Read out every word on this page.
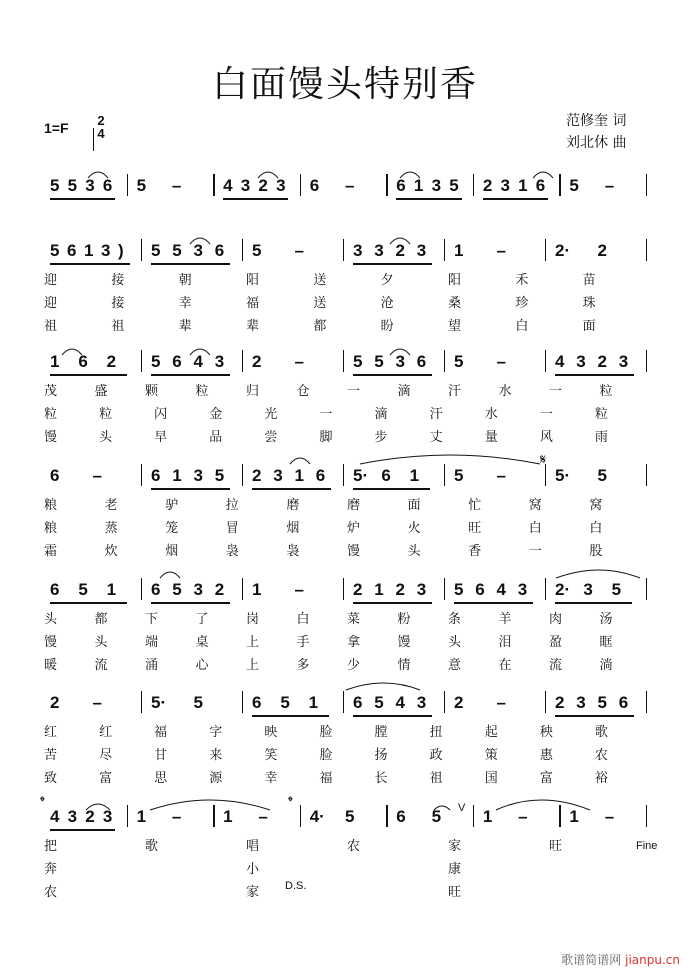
白面馒头特别香
1=F	2
4
范修奎 词
刘北休 曲
5 5 3 6 5 – 4 3 2 3 6 – 6 1 3 5 2 3 1 6 5 –
5 6 1 3 ) 5 5 3 6 5 –	3 3 2 3 1 –	2· 2
迎	接	朝	阳	送	夕	阳	禾	苗
迎	接	幸	福	送	沧	桑	珍	珠
祖	祖	辈	辈	都	盼	望	白	面
1 6 2 5 6 4 3 2 –	5 5 3 6 5 –	4 3 2 3
茂	盛	颗	粒	归	仓	一	滴	汗	水	一	粒
粒	粒	闪	金	光	一	滴	汗	水	一	粒
馒	头	早	品	尝	脚	步	丈	量	风	雨
6 –	6 1 3 5 2 3 1 6 5· 6 1 5 –	5· 5
粮	老	驴	拉	磨	磨	面	忙	窝	窝
粮	蒸	笼	冒	烟	炉	火	旺	白	白
霜	炊	烟	袅	袅	馒	头	香	一	股
6 5 1 6 5 3 2 1 –	2 1 2 3 5 6 4 3 2· 3 5
头	都	下	了	岗	白	菜	粉	条	羊	肉	汤
馒	头	端	桌	上	手	拿	馒	头	泪	盈	眶
暖	流	涌	心	上	多	少	情	意	在	流	淌
2 –	5· 5	6 5 1 6 5 4 3 2 –	2 3 5 6
红	红	福	字	映	脸	膛	扭	起	秧	歌
苦	尽	甘	来	笑	脸	扬	政	策	惠	农
致	富	思	源	幸	福	长	祖	国	富	裕
4 3 2 3 1 – 1 – 4· 5 6 5 1 – 1 –
把	歌	唱	农	家	旺
奔	小	康
农	家	旺
Fine
D.S.
V
歌谱简谱网 jianpu.cn
𝄋
𝄌	𝄌
